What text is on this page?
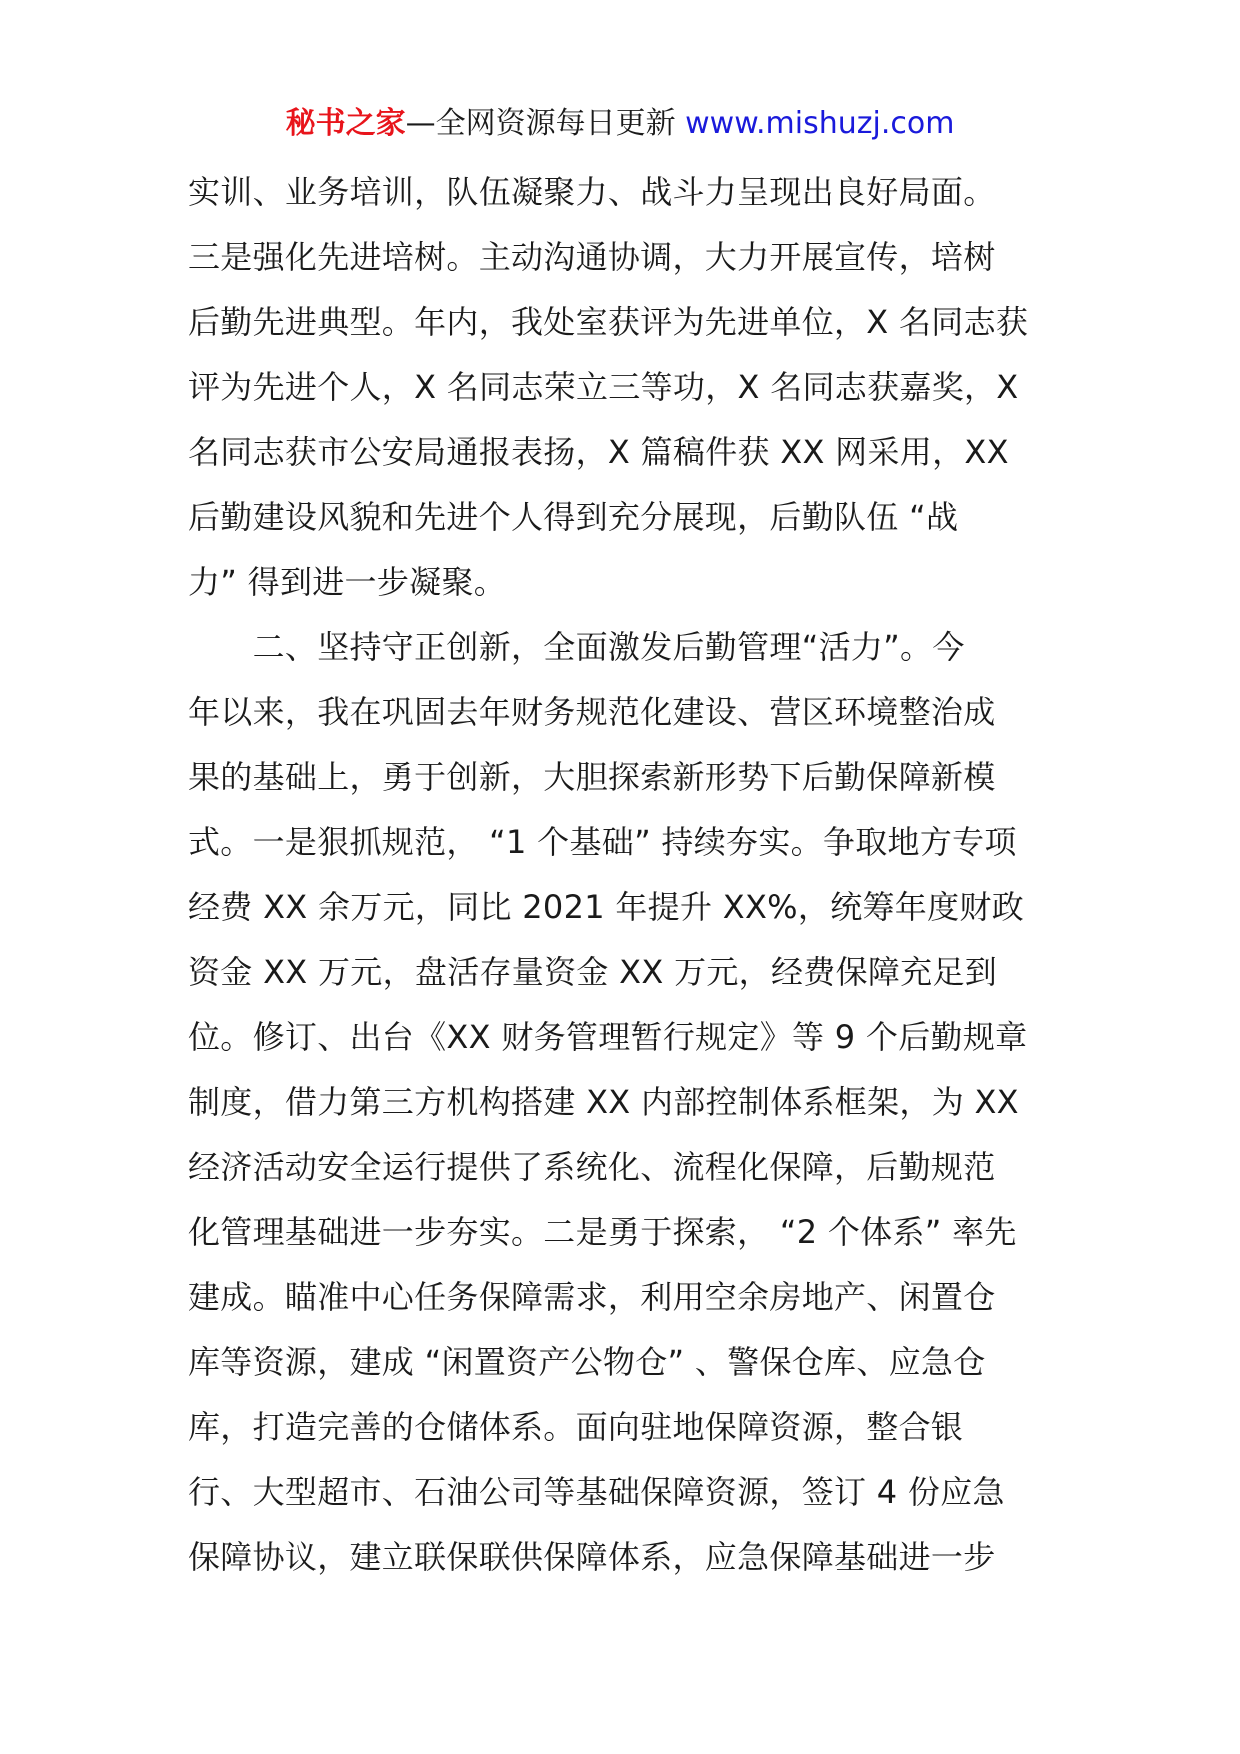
秘书之家—全网资源每日更新 www.mishuzj.com
实训、业务培训，队伍凝聚力、战斗力呈现出良好局面。
三是强化先进培树。主动沟通协调，大力开展宣传，培树
后勤先进典型。年内，我处室获评为先进单位，X 名同志获
评为先进个人，X 名同志荣立三等功，X 名同志获嘉奖，X
名同志获市公安局通报表扬，X 篇稿件获 XX 网采用，XX
后勤建设风貌和先进个人得到充分展现，后勤队伍 “战
力” 得到进一步凝聚。
　　二、坚持守正创新，全面激发后勤管理“活力”。今
年以来，我在巩固去年财务规范化建设、营区环境整治成
果的基础上，勇于创新，大胆探索新形势下后勤保障新模
式。一是狠抓规范， “1 个基础” 持续夯实。争取地方专项
经费 XX 余万元，同比 2021 年提升 XX%，统筹年度财政
资金 XX 万元，盘活存量资金 XX 万元，经费保障充足到
位。修订、出台《XX 财务管理暂行规定》等 9 个后勤规章
制度，借力第三方机构搭建 XX 内部控制体系框架，为 XX
经济活动安全运行提供了系统化、流程化保障，后勤规范
化管理基础进一步夯实。二是勇于探索， “2 个体系” 率先
建成。瞄准中心任务保障需求，利用空余房地产、闲置仓
库等资源，建成 “闲置资产公物仓” 、警保仓库、应急仓
库，打造完善的仓储体系。面向驻地保障资源，整合银
行、大型超市、石油公司等基础保障资源，签订 4 份应急
保障协议，建立联保联供保障体系，应急保障基础进一步
